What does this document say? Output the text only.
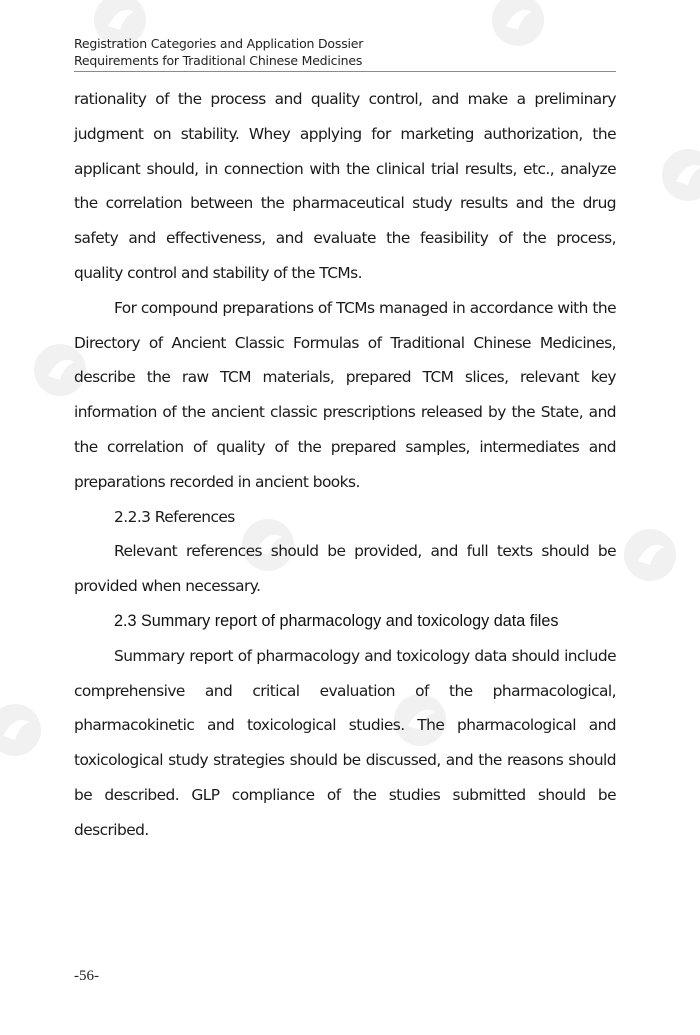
Registration Categories and Application Dossier
Requirements for Traditional Chinese Medicines

rationality of the process and quality control, and make a preliminary judgment on stability. Whey applying for marketing authorization, the applicant should, in connection with the clinical trial results, etc., analyze the correlation between the pharmaceutical study results and the drug safety and effectiveness, and evaluate the feasibility of the process, quality control and stability of the TCMs.

For compound preparations of TCMs managed in accordance with the Directory of Ancient Classic Formulas of Traditional Chinese Medicines, describe the raw TCM materials, prepared TCM slices, relevant key information of the ancient classic prescriptions released by the State, and the correlation of quality of the prepared samples, intermediates and preparations recorded in ancient books.

2.2.3 References

Relevant references should be provided, and full texts should be provided when necessary.

2.3 Summary report of pharmacology and toxicology data files

Summary report of pharmacology and toxicology data should include comprehensive and critical evaluation of the pharmacological, pharmacokinetic and toxicological studies. The pharmacological and toxicological study strategies should be discussed, and the reasons should be described. GLP compliance of the studies submitted should be described.

-56-
